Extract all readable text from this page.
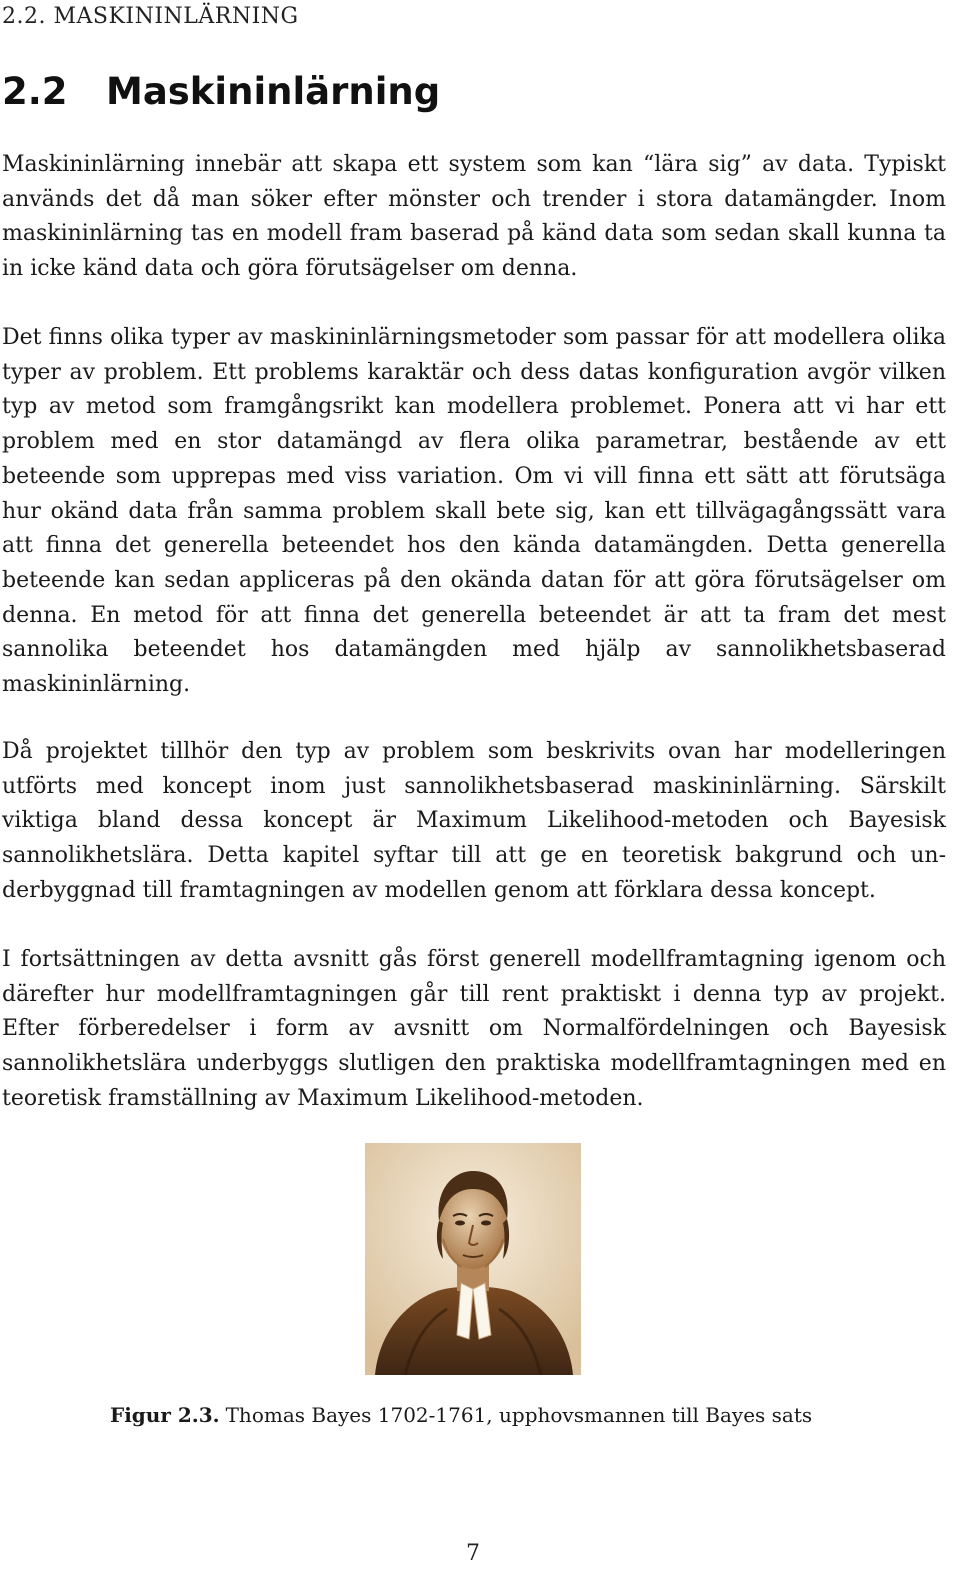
2.2. MASKININLÄRNING
2.2 Maskininlärning

Maskininlärning innebär att skapa ett system som kan “lära sig” av data. Typiskt används det då man söker efter mönster och trender i stora datamängder. Inom maskininlärning tas en modell fram baserad på känd data som sedan skall kunna ta in icke känd data och göra förutsägelser om denna.

Det finns olika typer av maskininlärningsmetoder som passar för att modellera olika typer av problem. Ett problems karaktär och dess datas konfiguration avgör vilken typ av metod som framgångsrikt kan modellera problemet. Ponera att vi har ett problem med en stor datamängd av flera olika parametrar, bestående av ett beteende som upprepas med viss variation. Om vi vill finna ett sätt att förutsäga hur okänd data från samma problem skall bete sig, kan ett tillvägagångssätt vara att finna det generella beteendet hos den kända datamängden. Detta generella beteende kan sedan appliceras på den okända datan för att göra förutsägelser om denna. En metod för att finna det generella beteendet är att ta fram det mest sannolika beteendet hos datamängden med hjälp av sannolikhetsbaserad maskininlärning.

Då projektet tillhör den typ av problem som beskrivits ovan har modelleringen utförts med koncept inom just sannolikhetsbaserad maskininlärning. Särskilt viktiga bland dessa koncept är Maximum Likelihood-metoden och Bayesisk sannolikhetslära. Detta kapitel syftar till att ge en teoretisk bakgrund och underbyggnad till framtagningen av modellen genom att förklara dessa koncept.

I fortsättningen av detta avsnitt gås först generell modellframtagning igenom och därefter hur modellframtagningen går till rent praktiskt i denna typ av projekt. Efter förberedelser i form av avsnitt om Normalfördelningen och Bayesisk sannolikhetslära underbyggs slutligen den praktiska modellframtagningen med en teoretisk framställning av Maximum Likelihood-metoden.

Figur 2.3. Thomas Bayes 1702-1761, upphovsmannen till Bayes sats
7
